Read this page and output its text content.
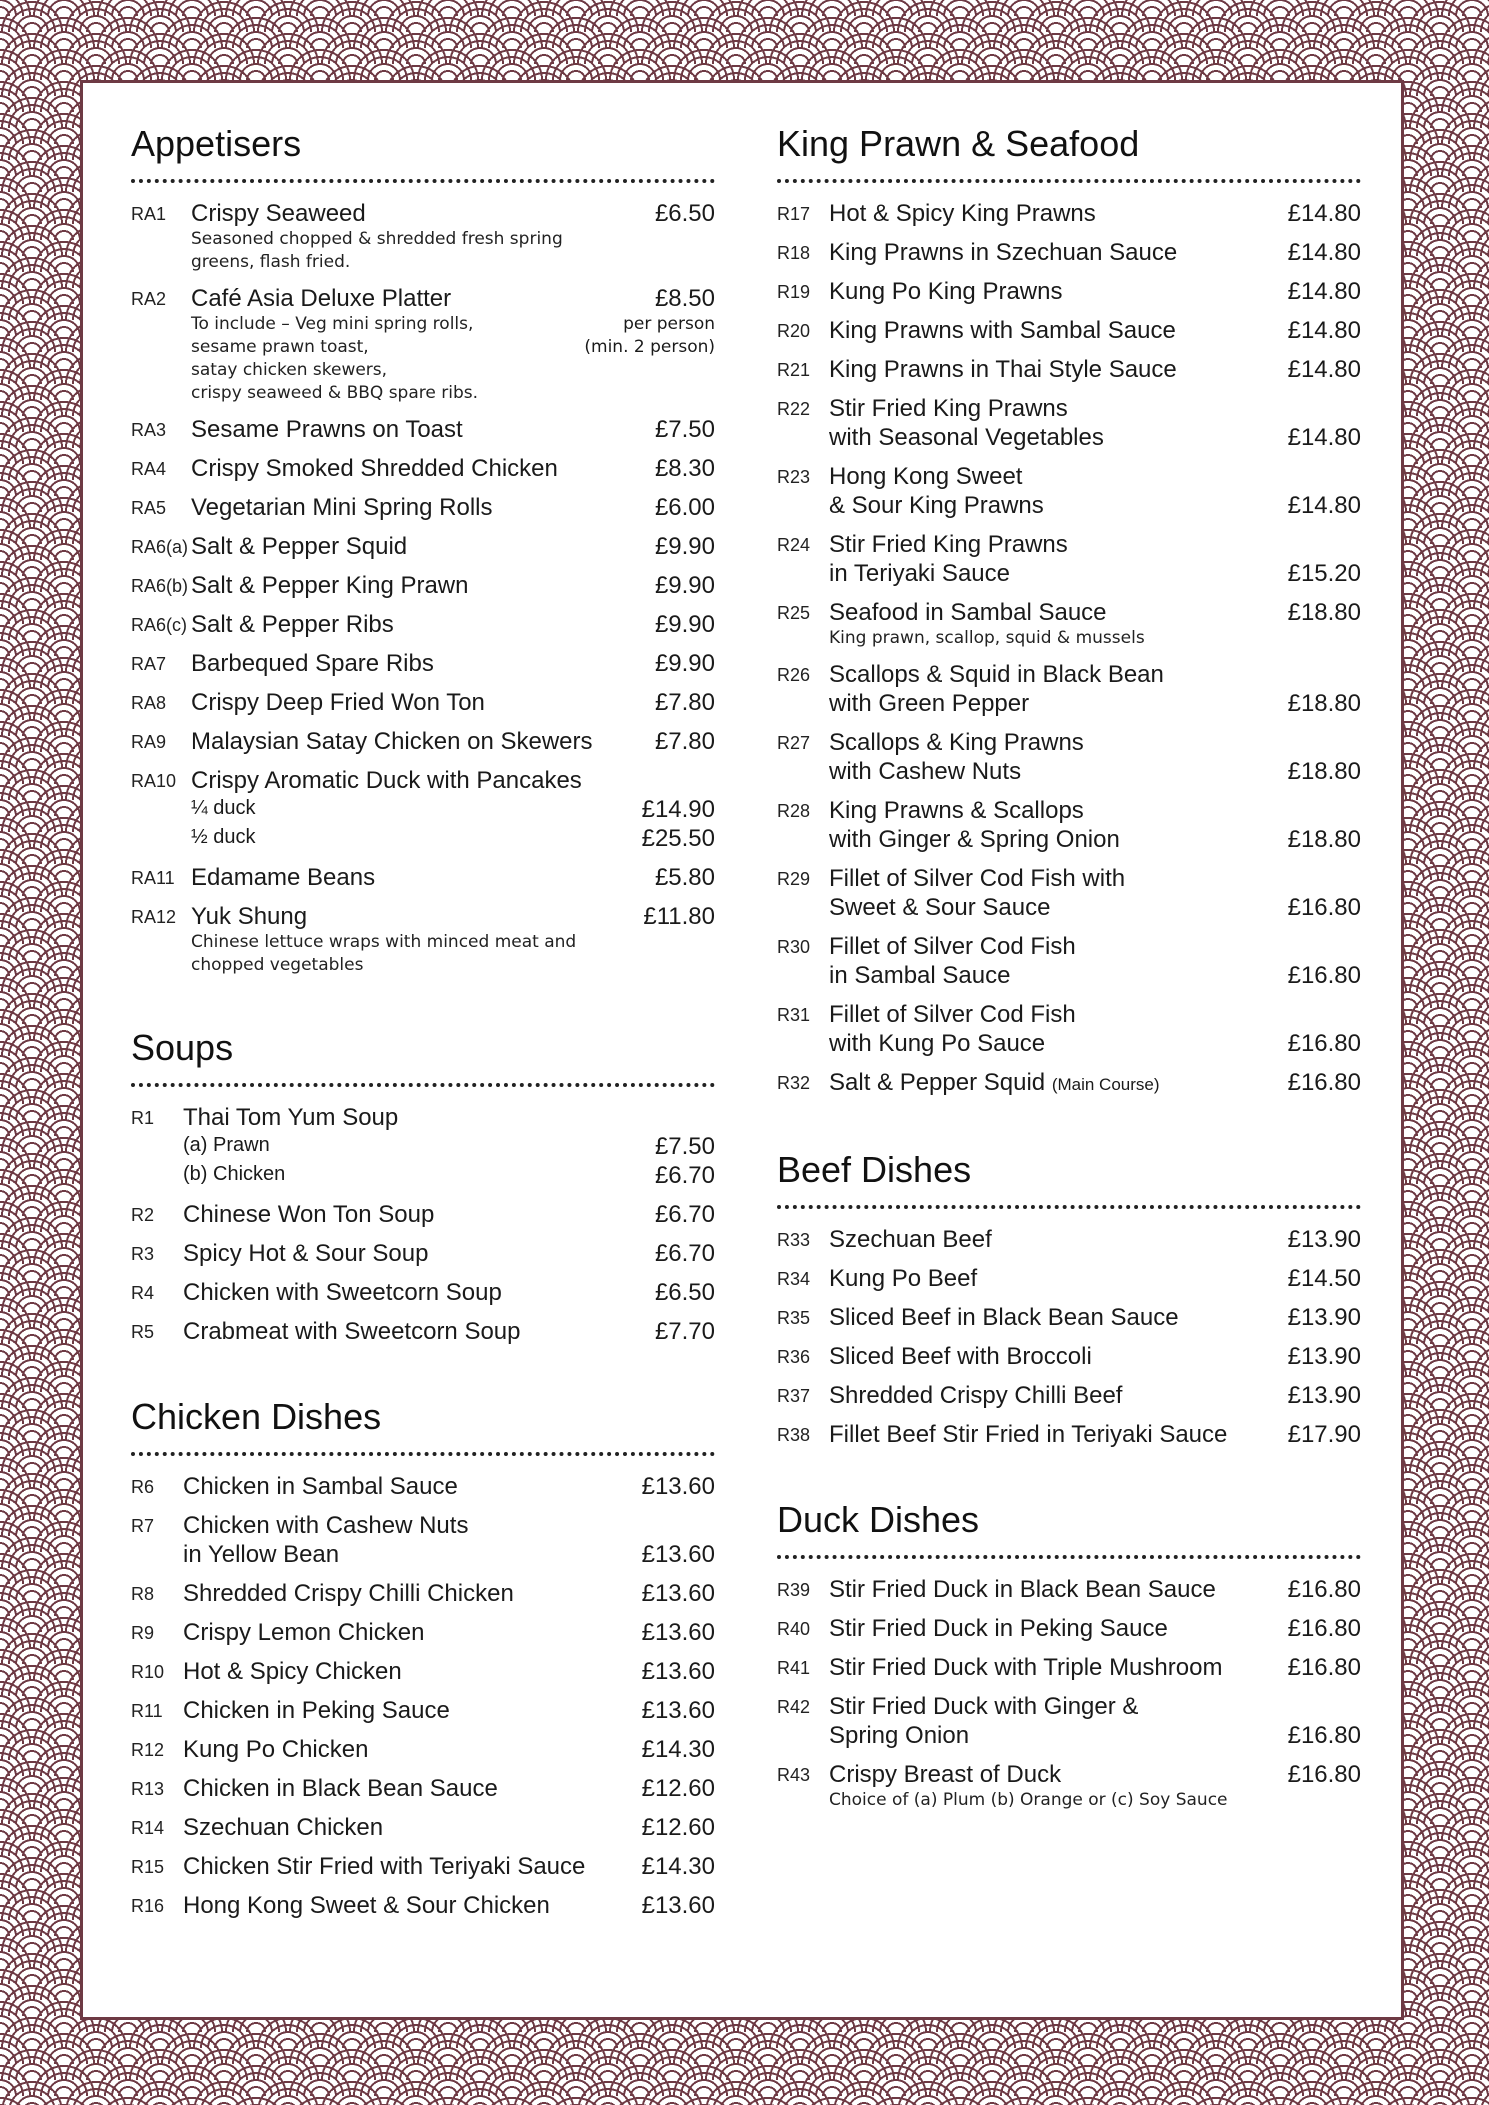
Appetisers
RA1	Crispy Seaweed	£6.50
Seasoned chopped & shredded fresh spring
greens, flash fried.
RA2	Café Asia Deluxe Platter	£8.50
To include – Veg mini spring rolls,	per person
sesame prawn toast,	(min. 2 person)
satay chicken skewers,
crispy seaweed & BBQ spare ribs.
RA3	Sesame Prawns on Toast	£7.50
RA4	Crispy Smoked Shredded Chicken	£8.30
RA5	Vegetarian Mini Spring Rolls	£6.00
RA6(a) Salt & Pepper Squid	£9.90
RA6(b) Salt & Pepper King Prawn	£9.90
RA6(c) Salt & Pepper Ribs	£9.90
RA7	Barbequed Spare Ribs	£9.90
RA8	Crispy Deep Fried Won Ton	£7.80
RA9	Malaysian Satay Chicken on Skewers	£7.80
RA10 Crispy Aromatic Duck with Pancakes
¼ duck	£14.90
½ duck	£25.50
RA11 Edamame Beans	£5.80
RA12 Yuk Shung	£11.80
Chinese lettuce wraps with minced meat and
chopped vegetables
Soups
R1	Thai Tom Yum Soup
(a) Prawn	£7.50
(b) Chicken	£6.70
R2	Chinese Won Ton Soup	£6.70
R3	Spicy Hot & Sour Soup	£6.70
R4	Chicken with Sweetcorn Soup	£6.50
R5	Crabmeat with Sweetcorn Soup	£7.70
Chicken Dishes
R6	Chicken in Sambal Sauce	£13.60
R7	Chicken with Cashew Nuts
in Yellow Bean	£13.60
R8	Shredded Crispy Chilli Chicken	£13.60
R9	Crispy Lemon Chicken	£13.60
R10 Hot & Spicy Chicken	£13.60
R11 Chicken in Peking Sauce	£13.60
R12 Kung Po Chicken	£14.30
R13 Chicken in Black Bean Sauce	£12.60
R14 Szechuan Chicken	£12.60
R15 Chicken Stir Fried with Teriyaki Sauce £14.30
R16 Hong Kong Sweet & Sour Chicken	£13.60
King Prawn & Seafood
R17 Hot & Spicy King Prawns	£14.80
R18 King Prawns in Szechuan Sauce	£14.80
R19 Kung Po King Prawns	£14.80
R20 King Prawns with Sambal Sauce	£14.80
R21 King Prawns in Thai Style Sauce	£14.80
R22 Stir Fried King Prawns
with Seasonal Vegetables	£14.80
R23 Hong Kong Sweet
& Sour King Prawns	£14.80
R24 Stir Fried King Prawns
in Teriyaki Sauce	£15.20
R25 Seafood in Sambal Sauce	£18.80
King prawn, scallop, squid & mussels
R26 Scallops & Squid in Black Bean
with Green Pepper	£18.80
R27 Scallops & King Prawns
with Cashew Nuts	£18.80
R28 King Prawns & Scallops
with Ginger & Spring Onion	£18.80
R29 Fillet of Silver Cod Fish with
Sweet & Sour Sauce	£16.80
R30 Fillet of Silver Cod Fish
in Sambal Sauce	£16.80
R31 Fillet of Silver Cod Fish
with Kung Po Sauce	£16.80
R32 Salt & Pepper Squid (Main Course)	£16.80
Beef Dishes
R33 Szechuan Beef	£13.90
R34 Kung Po Beef	£14.50
R35 Sliced Beef in Black Bean Sauce	£13.90
R36 Sliced Beef with Broccoli	£13.90
R37 Shredded Crispy Chilli Beef	£13.90
R38 Fillet Beef Stir Fried in Teriyaki Sauce	£17.90
Duck Dishes
R39 Stir Fried Duck in Black Bean Sauce	£16.80
R40 Stir Fried Duck in Peking Sauce	£16.80
R41 Stir Fried Duck with Triple Mushroom	£16.80
R42 Stir Fried Duck with Ginger &
Spring Onion	£16.80
R43 Crispy Breast of Duck	£16.80
Choice of (a) Plum (b) Orange or (c) Soy Sauce
